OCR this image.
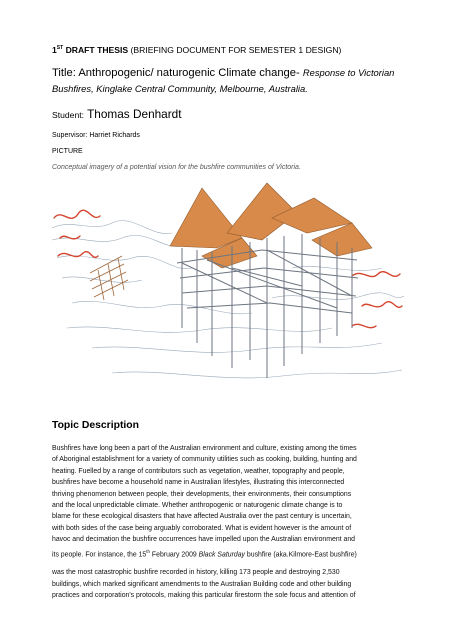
1ST DRAFT THESIS (BRIEFING DOCUMENT FOR SEMESTER 1 DESIGN)
Title: Anthropogenic/ naturogenic Climate change- Response to Victorian
Bushfires, Kinglake Central Community, Melbourne, Australia.
Student: Thomas Denhardt
Supervisor: Harriet Richards
PICTURE
Conceptual imagery of a potential vision for the bushfire communities of Victoria.
Topic Description
Bushfires have long been a part of the Australian environment and culture, existing among the times
of Aboriginal establishment for a variety of community utilities such as cooking, building, hunting and
heating. Fuelled by a range of contributors such as vegetation, weather, topography and people,
bushfires have become a household name in Australian lifestyles, illustrating this interconnected
thriving phenomenon between people, their developments, their environments, their consumptions
and the local unpredictable climate. Whether anthropogenic or naturogenic climate change is to
blame for these ecological disasters that have affected Australia over the past century is uncertain,
with both sides of the case being arguably corroborated. What is evident however is the amount of
havoc and decimation the bushfire occurrences have impelled upon the Australian environment and
its people. For instance, the 15th February 2009 Black Saturday bushfire (aka.Kilmore-East bushfire)
was the most catastrophic bushfire recorded in history, killing 173 people and destroying 2,530
buildings, which marked significant amendments to the Australian Building code and other building
practices and corporation's protocols, making this particular firestorm the sole focus and attention of
